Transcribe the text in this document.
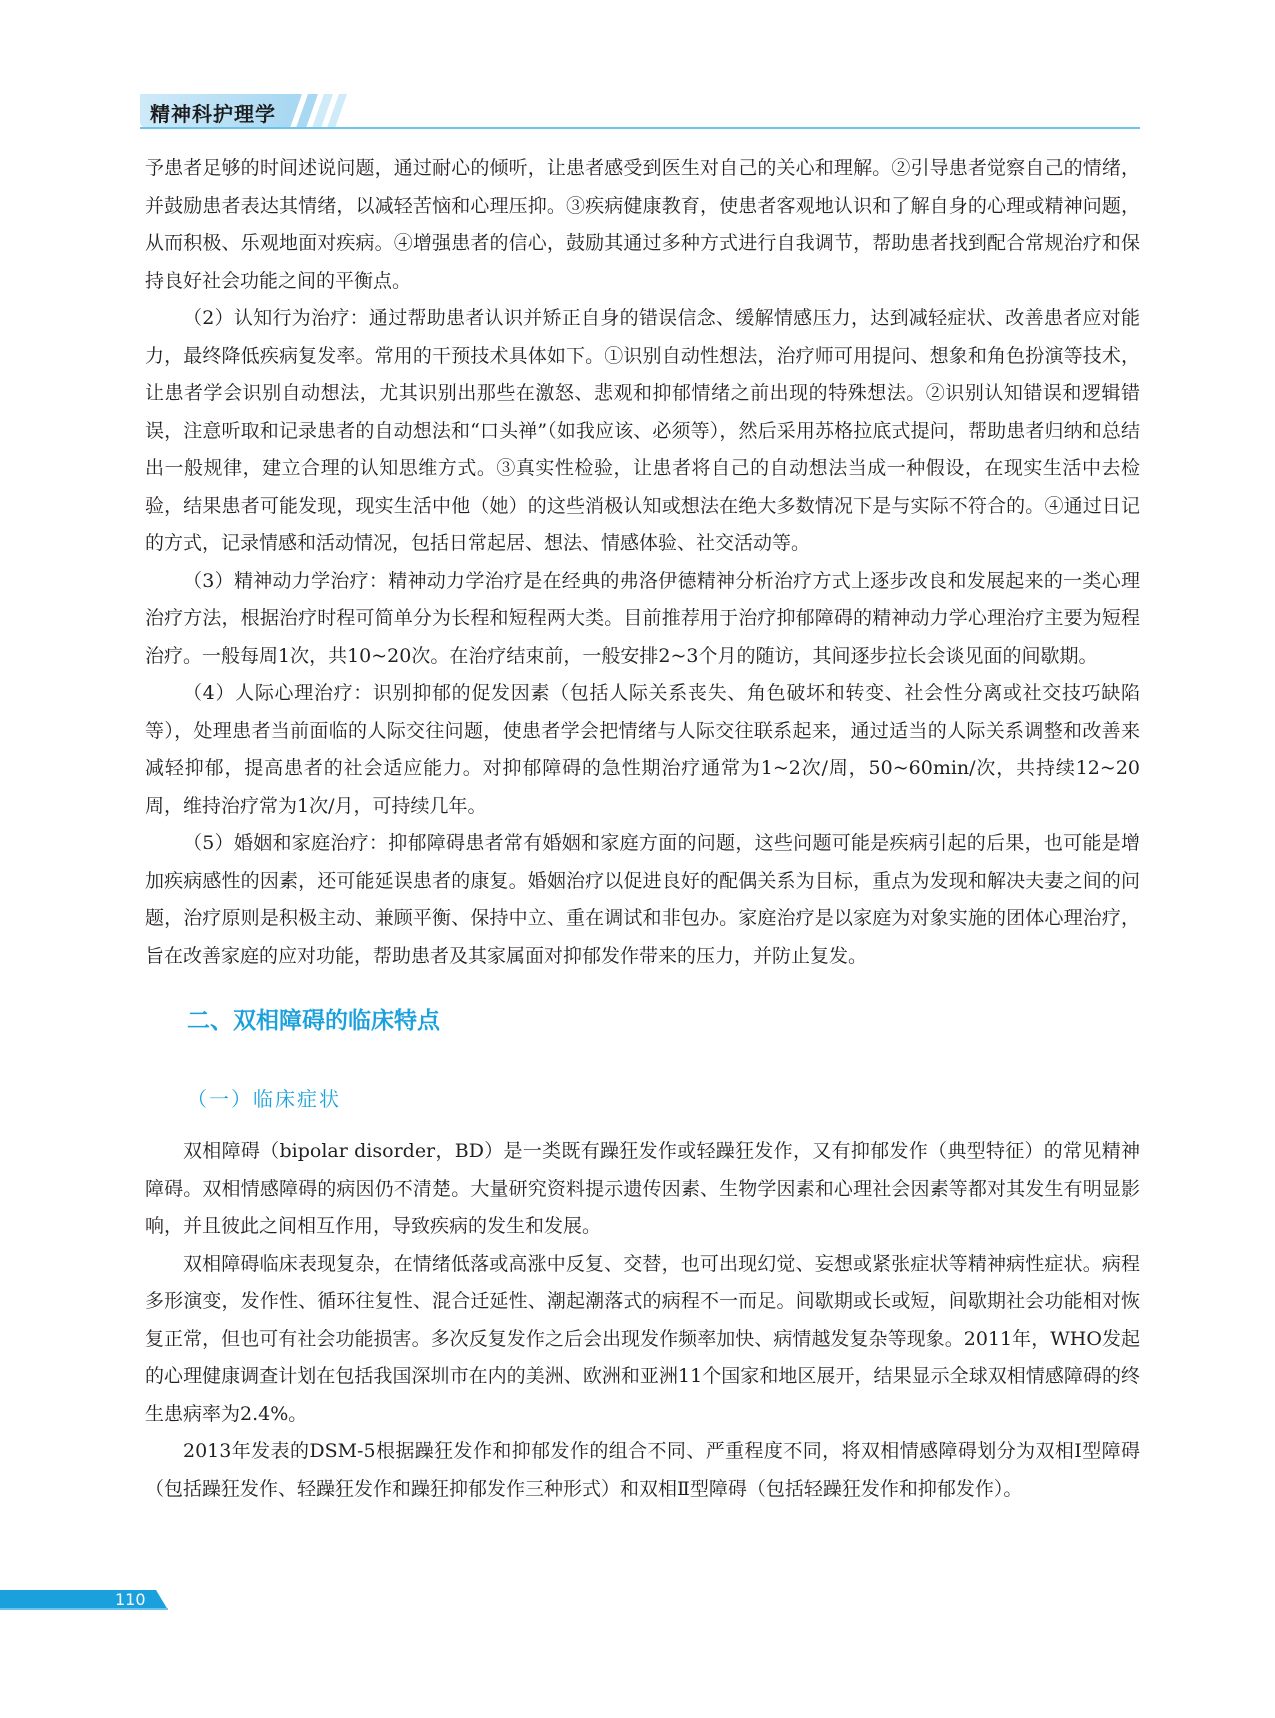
精神科护理学

予患者足够的时间述说问题，通过耐心的倾听，让患者感受到医生对自己的关心和理解。②引导患者觉察自己的情绪，并鼓励患者表达其情绪，以减轻苦恼和心理压抑。③疾病健康教育，使患者客观地认识和了解自身的心理或精神问题，从而积极、乐观地面对疾病。④增强患者的信心，鼓励其通过多种方式进行自我调节，帮助患者找到配合常规治疗和保持良好社会功能之间的平衡点。

（2）认知行为治疗：通过帮助患者认识并矫正自身的错误信念、缓解情感压力，达到减轻症状、改善患者应对能力，最终降低疾病复发率。常用的干预技术具体如下。①识别自动性想法，治疗师可用提问、想象和角色扮演等技术，让患者学会识别自动想法，尤其识别出那些在激怒、悲观和抑郁情绪之前出现的特殊想法。②识别认知错误和逻辑错误，注意听取和记录患者的自动想法和“口头禅”（如我应该、必须等），然后采用苏格拉底式提问，帮助患者归纳和总结出一般规律，建立合理的认知思维方式。③真实性检验，让患者将自己的自动想法当成一种假设，在现实生活中去检验，结果患者可能发现，现实生活中他（她）的这些消极认知或想法在绝大多数情况下是与实际不符合的。④通过日记的方式，记录情感和活动情况，包括日常起居、想法、情感体验、社交活动等。

（3）精神动力学治疗：精神动力学治疗是在经典的弗洛伊德精神分析治疗方式上逐步改良和发展起来的一类心理治疗方法，根据治疗时程可简单分为长程和短程两大类。目前推荐用于治疗抑郁障碍的精神动力学心理治疗主要为短程治疗。一般每周1次，共10~20次。在治疗结束前，一般安排2~3个月的随访，其间逐步拉长会谈见面的间歇期。

（4）人际心理治疗：识别抑郁的促发因素（包括人际关系丧失、角色破坏和转变、社会性分离或社交技巧缺陷等），处理患者当前面临的人际交往问题，使患者学会把情绪与人际交往联系起来，通过适当的人际关系调整和改善来减轻抑郁，提高患者的社会适应能力。对抑郁障碍的急性期治疗通常为1~2次/周，50~60min/次，共持续12~20周，维持治疗常为1次/月，可持续几年。

（5）婚姻和家庭治疗：抑郁障碍患者常有婚姻和家庭方面的问题，这些问题可能是疾病引起的后果，也可能是增加疾病感性的因素，还可能延误患者的康复。婚姻治疗以促进良好的配偶关系为目标，重点为发现和解决夫妻之间的问题，治疗原则是积极主动、兼顾平衡、保持中立、重在调试和非包办。家庭治疗是以家庭为对象实施的团体心理治疗，旨在改善家庭的应对功能，帮助患者及其家属面对抑郁发作带来的压力，并防止复发。

二、双相障碍的临床特点
（一）临床症状

双相障碍（bipolar disorder，BD）是一类既有躁狂发作或轻躁狂发作，又有抑郁发作（典型特征）的常见精神障碍。双相情感障碍的病因仍不清楚。大量研究资料提示遗传因素、生物学因素和心理社会因素等都对其发生有明显影响，并且彼此之间相互作用，导致疾病的发生和发展。

双相障碍临床表现复杂，在情绪低落或高涨中反复、交替，也可出现幻觉、妄想或紧张症状等精神病性症状。病程多形演变，发作性、循环往复性、混合迁延性、潮起潮落式的病程不一而足。间歇期或长或短，间歇期社会功能相对恢复正常，但也可有社会功能损害。多次反复发作之后会出现发作频率加快、病情越发复杂等现象。2011年，WHO发起的心理健康调查计划在包括我国深圳市在内的美洲、欧洲和亚洲11个国家和地区展开，结果显示全球双相情感障碍的终生患病率为2.4%。

2013年发表的DSM-5根据躁狂发作和抑郁发作的组合不同、严重程度不同，将双相情感障碍划分为双相Ⅰ型障碍（包括躁狂发作、轻躁狂发作和躁狂抑郁发作三种形式）和双相Ⅱ型障碍（包括轻躁狂发作和抑郁发作）。

110
